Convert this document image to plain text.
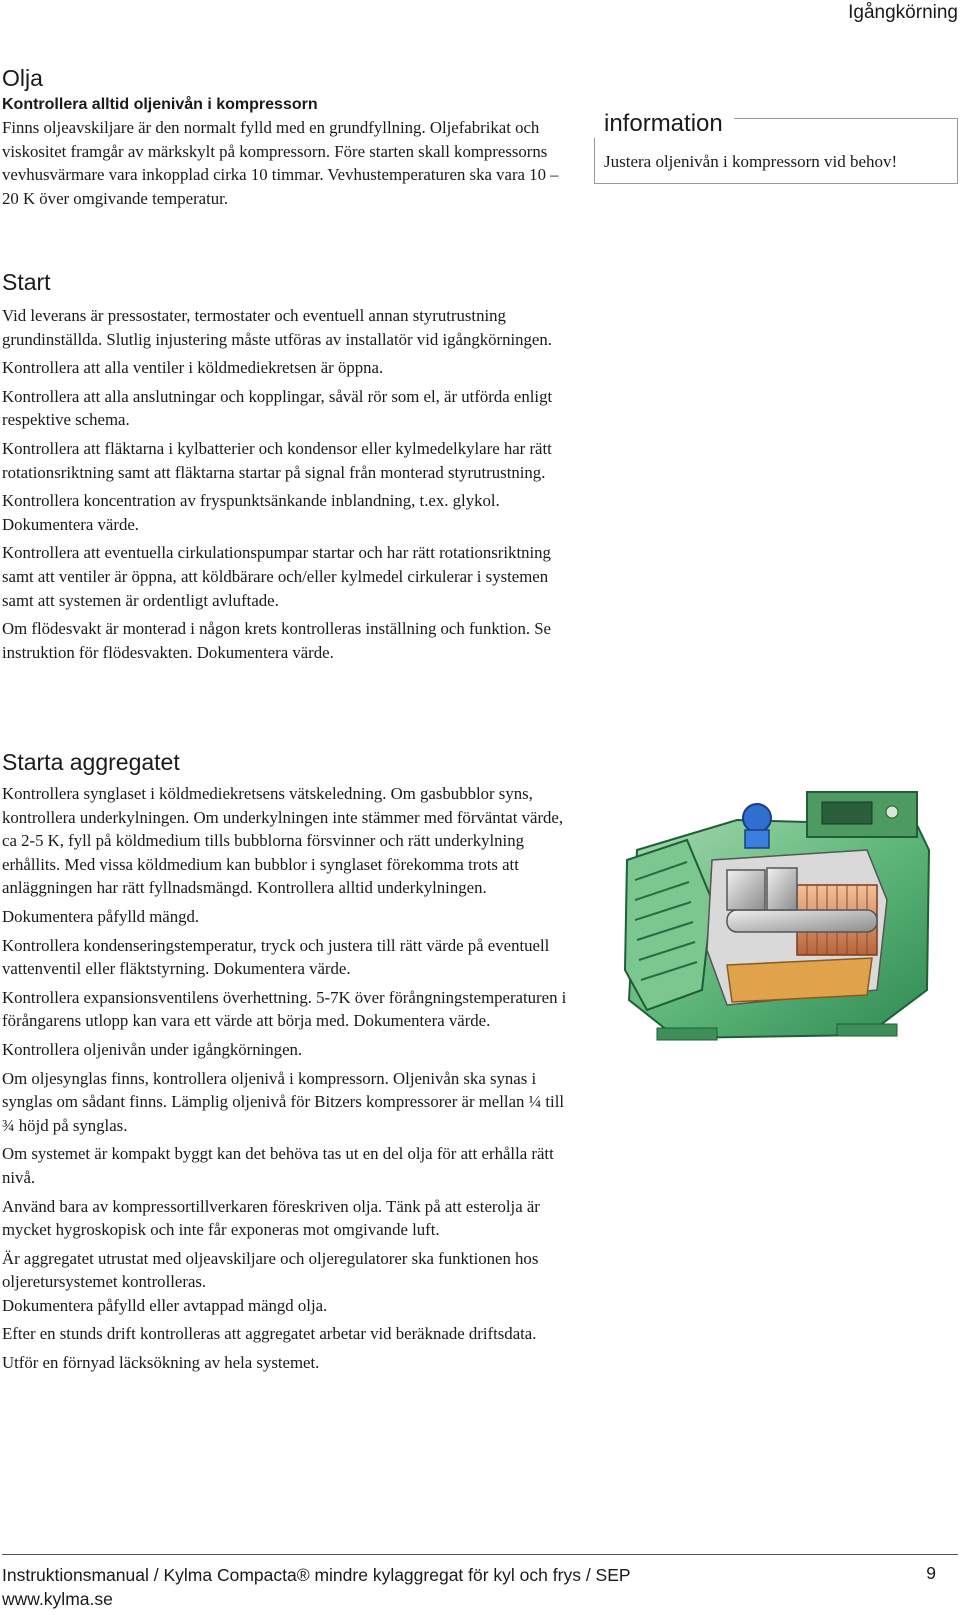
Igångkörning
Olja
Kontrollera alltid oljenivån i kompressorn

Finns oljeavskiljare är den normalt fylld med en grundfyllning. Oljefabrikat och viskositet framgår av märkskylt på kompressorn. Före starten skall kompressorns vevhusvärmare vara inkopplad cirka 10 timmar. Vevhustemperaturen ska vara 10 – 20 K över omgivande temperatur.

information
Justera oljenivån i kompressorn vid behov!
Start

Vid leverans är pressostater, termostater och eventuell annan styrutrustning grundinställda. Slutlig injustering måste utföras av installatör vid igångkörningen.

Kontrollera att alla ventiler i köldmediekretsen är öppna.

Kontrollera att alla anslutningar och kopplingar, såväl rör som el, är utförda enligt respektive schema.

Kontrollera att fläktarna i kylbatterier och kondensor eller kylmedelkylare har rätt rotationsriktning samt att fläktarna startar på signal från monterad styrutrustning.

Kontrollera koncentration av fryspunktsänkande inblandning, t.ex. glykol. Dokumentera värde.

Kontrollera att eventuella cirkulationspumpar startar och har rätt rotationsriktning samt att ventiler är öppna, att köldbärare och/eller kylmedel cirkulerar i systemen samt att systemen är ordentligt avluftade.

Om flödesvakt är monterad i någon krets kontrolleras inställning och funktion. Se instruktion för flödesvakten. Dokumentera värde.

Starta aggregatet

Kontrollera synglaset i köldmediekretsens vätskeledning. Om gasbubblor syns, kontrollera underkylningen. Om underkylningen inte stämmer med förväntat värde, ca 2-5 K, fyll på köldmedium tills bubblorna försvinner och rätt underkylning erhållits. Med vissa köldmedium kan bubblor i synglaset förekomma trots att anläggningen har rätt fyllnadsmängd. Kontrollera alltid underkylningen.

Dokumentera påfylld mängd.

Kontrollera kondenseringstemperatur, tryck och justera till rätt värde på eventuell vattenventil eller fläktstyrning. Dokumentera värde.

Kontrollera expansionsventilens överhettning. 5-7K över förångningstemperaturen i förångarens utlopp kan vara ett värde att börja med. Dokumentera värde.

Kontrollera oljenivån under igångkörningen.

Om oljesynglas finns, kontrollera oljenivå i kompressorn. Oljenivån ska synas i synglas om sådant finns. Lämplig oljenivå för Bitzers kompressorer är mellan ¼ till ¾ höjd på synglas.

Om systemet är kompakt byggt kan det behöva tas ut en del olja för att erhålla rätt nivå.

Använd bara av kompressortillverkaren föreskriven olja. Tänk på att esterolja är mycket hygroskopisk och inte får exponeras mot omgivande luft.

Är aggregatet utrustat med oljeavskiljare och oljeregulatorer ska funktionen hos oljeretursystemet kontrolleras.

Dokumentera påfylld eller avtappad mängd olja.

Efter en stunds drift kontrolleras att aggregatet arbetar vid beräknade driftsdata.

Utför en förnyad läcksökning av hela systemet.

Instruktionsmanual / Kylma Compacta® mindre kylaggregat för kyl och frys / SEP
www.kylma.se
9
